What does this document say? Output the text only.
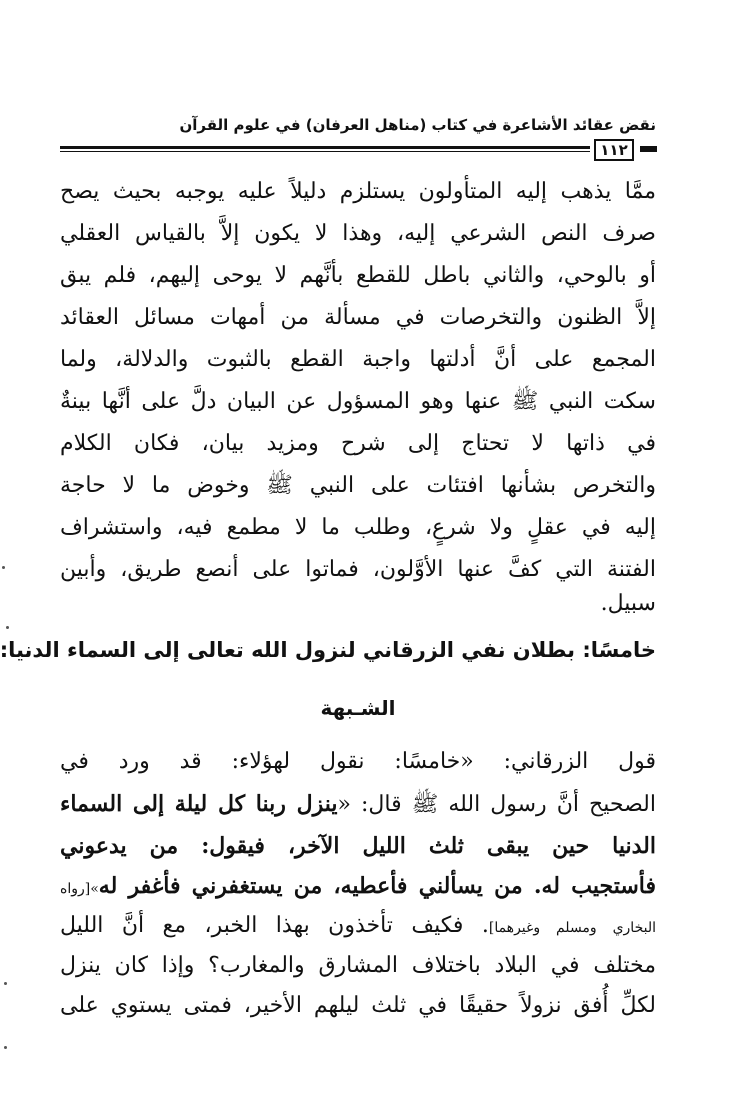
نقض عقائد الأشاعرة في كتاب (مناهل العرفان) في علوم القرآن
١١٢
ممَّا يذهب إليه المتأولون يستلزم دليلاً عليه يوجبه بحيث يصح
صرف النص الشرعي إليه، وهذا لا يكون إلاَّ بالقياس العقلي
أو بالوحي، والثاني باطل للقطع بأنَّهم لا يوحى إليهم، فلم يبق
إلاَّ الظنون والتخرصات في مسألة من أمهات مسائل العقائد
المجمع على أنَّ أدلتها واجبة القطع بالثبوت والدلالة، ولما
سكت النبي ﷺ عنها وهو المسؤول عن البيان دلَّ على أنَّها بينةٌ
في ذاتها لا تحتاج إلى شرح ومزيد بيان، فكان الكلام
والتخرص بشأنها افتئات على النبي ﷺ وخوض ما لا حاجة
إليه في عقلٍ ولا شرعٍ، وطلب ما لا مطمع فيه، واستشراف
الفتنة التي كفَّ عنها الأوَّلون، فماتوا على أنصع طريق، وأبين
سبيل.
خامسًا: بطلان نفي الزرقاني لنزول الله تعالى إلى السماء الدنيا:
الشـبهة
قول الزرقاني: «خامسًا: نقول لهؤلاء: قد ورد في
الصحيح أنَّ رسول الله ﷺ قال: «ينزل ربنا كل ليلة إلى السماء
الدنيا حين يبقى ثلث الليل الآخر، فيقول: من يدعوني
فأستجيب له. من يسألني فأعطيه، من يستغفرني فأغفر له»[رواه
البخاري ومسلم وغيرهما]. فكيف تأخذون بهذا الخبر، مع أنَّ الليل
مختلف في البلاد باختلاف المشارق والمغارب؟ وإذا كان ينزل
لكلِّ أُفق نزولاً حقيقًا في ثلث ليلهم الأخير، فمتى يستوي على
